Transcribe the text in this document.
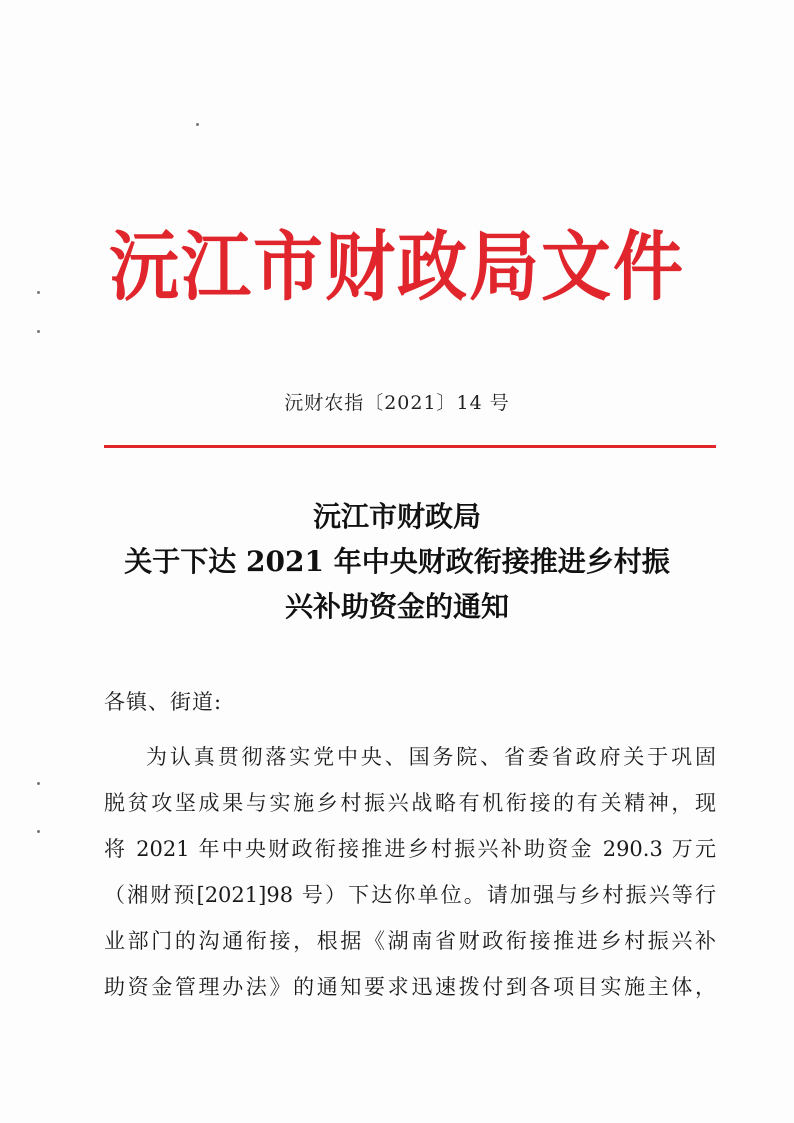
沅江市财政局文件
沅财农指〔2021〕14 号
沅江市财政局
关于下达 2021 年中央财政衔接推进乡村振
兴补助资金的通知
各镇、街道:
为认真贯彻落实党中央、国务院、省委省政府关于巩固
脱贫攻坚成果与实施乡村振兴战略有机衔接的有关精神，现
将 2021 年中央财政衔接推进乡村振兴补助资金 290.3 万元
（湘财预[2021]98 号）下达你单位。请加强与乡村振兴等行
业部门的沟通衔接，根据《湖南省财政衔接推进乡村振兴补
助资金管理办法》的通知要求迅速拨付到各项目实施主体，
